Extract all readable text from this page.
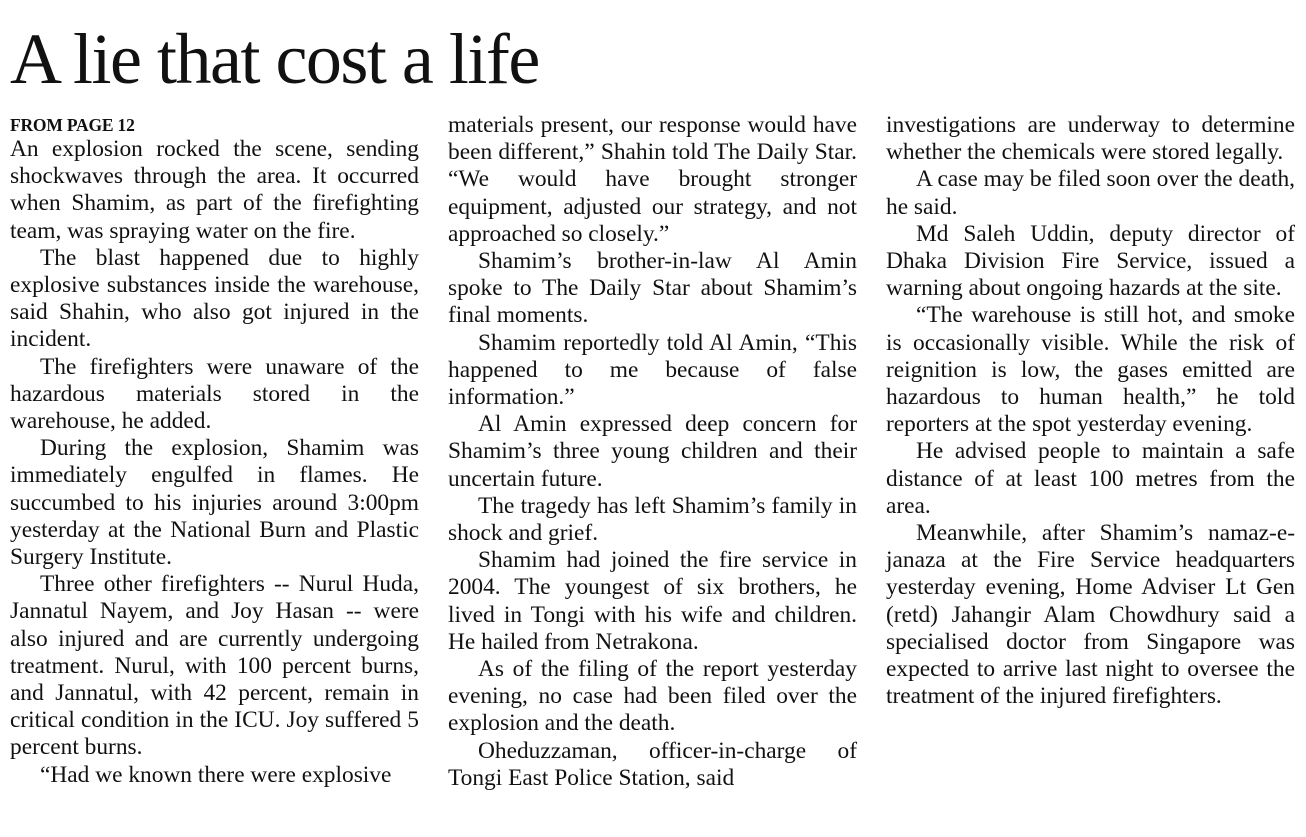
A lie that cost a life
FROM PAGE 12

An explosion rocked the scene, sending shockwaves through the area. It occurred when Shamim, as part of the firefighting team, was spraying water on the fire.

The blast happened due to highly explosive substances inside the warehouse, said Shahin, who also got injured in the incident.

The firefighters were unaware of the hazardous materials stored in the warehouse, he added.

During the explosion, Shamim was immediately engulfed in flames. He succumbed to his injuries around 3:00pm yesterday at the National Burn and Plastic Surgery Institute.

Three other firefighters -- Nurul Huda, Jannatul Nayem, and Joy Hasan -- were also injured and are currently undergoing treatment. Nurul, with 100 percent burns, and Jannatul, with 42 percent, remain in critical condition in the ICU. Joy suffered 5 percent burns.

“Had we known there were explosive

materials present, our response would have been different,” Shahin told The Daily Star. “We would have brought stronger equipment, adjusted our strategy, and not approached so closely.”

Shamim’s brother-in-law Al Amin spoke to The Daily Star about Shamim’s final moments.

Shamim reportedly told Al Amin, “This happened to me because of false information.”

Al Amin expressed deep concern for Shamim’s three young children and their uncertain future.

The tragedy has left Shamim’s family in shock and grief.

Shamim had joined the fire service in 2004. The youngest of six brothers, he lived in Tongi with his wife and children. He hailed from Netrakona.

As of the filing of the report yesterday evening, no case had been filed over the explosion and the death.

Oheduzzaman, officer-in-charge of Tongi East Police Station, said

investigations are underway to determine whether the chemicals were stored legally.

A case may be filed soon over the death, he said.

Md Saleh Uddin, deputy director of Dhaka Division Fire Service, issued a warning about ongoing hazards at the site.

“The warehouse is still hot, and smoke is occasionally visible. While the risk of reignition is low, the gases emitted are hazardous to human health,” he told reporters at the spot yesterday evening.

He advised people to maintain a safe distance of at least 100 metres from the area.

Meanwhile, after Shamim’s namaz-e-janaza at the Fire Service headquarters yesterday evening, Home Adviser Lt Gen (retd) Jahangir Alam Chowdhury said a specialised doctor from Singapore was expected to arrive last night to oversee the treatment of the injured firefighters.
